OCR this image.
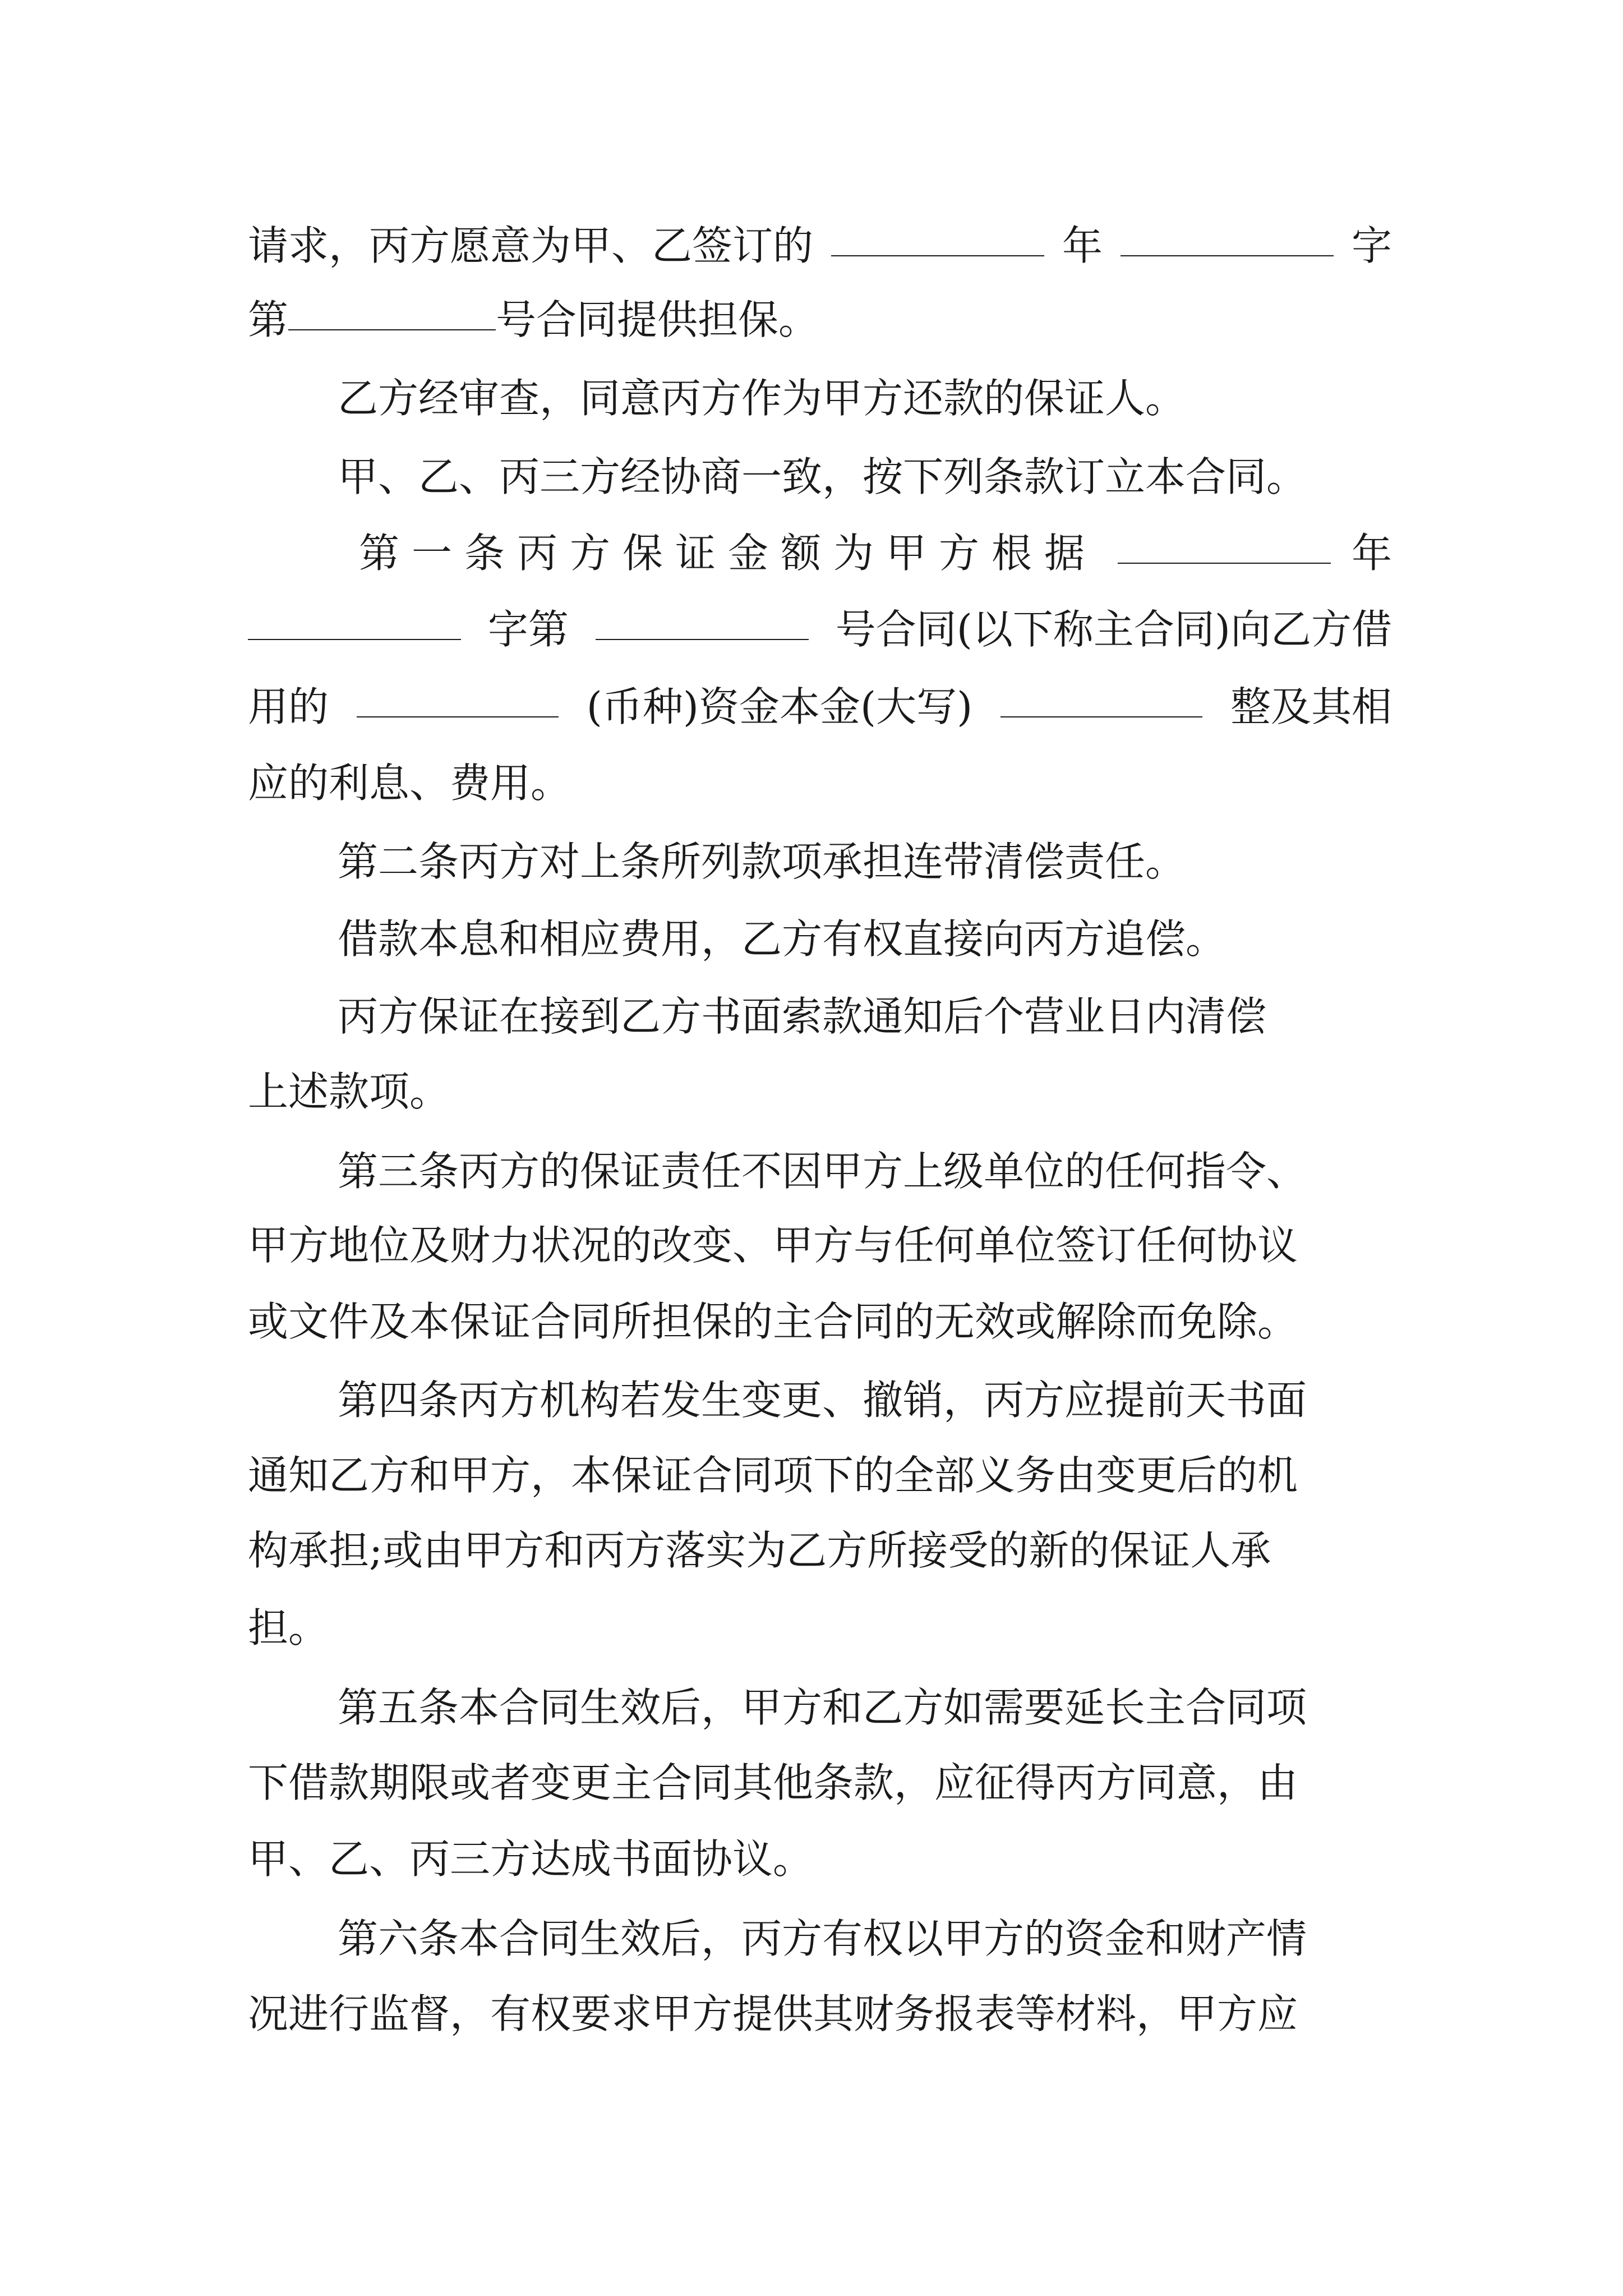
请求，丙方愿意为甲、乙签订的	年	字
第	号合同提供担保。
乙方经审查，同意丙方作为甲方还款的保证人。
甲、乙、丙三方经协商一致，按下列条款订立本合同。
第一条丙方保证金额为甲方根据	年
字第	号合同(以下称主合同)向乙方借
用的	(币种)资金本金(大写)	整及其相
应的利息、费用。
第二条丙方对上条所列款项承担连带清偿责任。
借款本息和相应费用，乙方有权直接向丙方追偿。
丙方保证在接到乙方书面索款通知后个营业日内清偿
上述款项。
第三条丙方的保证责任不因甲方上级单位的任何指令、
甲方地位及财力状况的改变、甲方与任何单位签订任何协议
或文件及本保证合同所担保的主合同的无效或解除而免除。
第四条丙方机构若发生变更、撤销，丙方应提前天书面
通知乙方和甲方，本保证合同项下的全部义务由变更后的机
构承担;或由甲方和丙方落实为乙方所接受的新的保证人承
担。
第五条本合同生效后，甲方和乙方如需要延长主合同项
下借款期限或者变更主合同其他条款，应征得丙方同意，由
甲、乙、丙三方达成书面协议。
第六条本合同生效后，丙方有权以甲方的资金和财产情
况进行监督，有权要求甲方提供其财务报表等材料，甲方应
